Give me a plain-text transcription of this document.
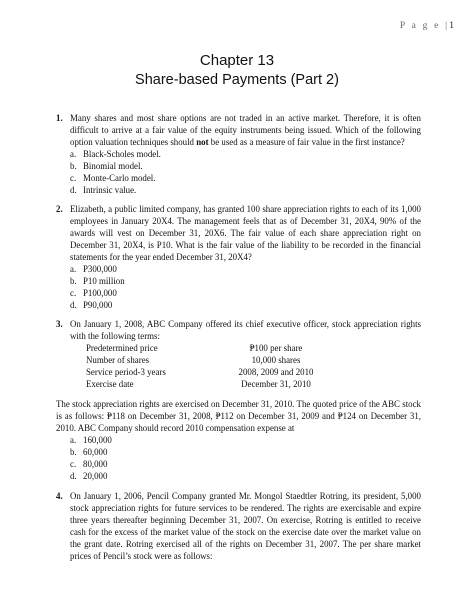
P a g e |1
Chapter 13
Share-based Payments (Part 2)
1. Many shares and most share options are not traded in an active market. Therefore, it is often difficult to arrive at a fair value of the equity instruments being issued. Which of the following option valuation techniques should not be used as a measure of fair value in the first instance?

a. Black-Scholes model.
b. Binomial model.
c. Monte-Carlo model.
d. Intrinsic value.
2. Elizabeth, a public limited company, has granted 100 share appreciation rights to each of its 1,000 employees in January 20X4. The management feels that as of December 31, 20X4, 90% of the awards will vest on December 31, 20X6. The fair value of each share appreciation right on December 31, 20X4, is P10. What is the fair value of the liability to be recorded in the financial statements for the year ended December 31, 20X4?

a. P300,000
b. P10 million
c. P100,000
d. P90,000
3. On January 1, 2008, ABC Company offered its chief executive officer, stock appreciation rights with the following terms:

Predetermined price	₱100 per share
Number of shares	10,000 shares
Service period-3 years	2008, 2009 and 2010
Exercise date	December 31, 2010

The stock appreciation rights are exercised on December 31, 2010. The quoted price of the ABC stock is as follows: ₱118 on December 31, 2008, ₱112 on December 31, 2009 and ₱124 on December 31, 2010. ABC Company should record 2010 compensation expense at

a. 160,000
b. 60,000
c. 80,000
d. 20,000
4. On January 1, 2006, Pencil Company granted Mr. Mongol Staedtler Rotring, its president, 5,000 stock appreciation rights for future services to be rendered. The rights are exercisable and expire three years thereafter beginning December 31, 2007. On exercise, Rotring is entitled to receive cash for the excess of the market value of the stock on the exercise date over the market value on the grant date. Rotring exercised all of the rights on December 31, 2007. The per share market prices of Pencil’s stock were as follows:
